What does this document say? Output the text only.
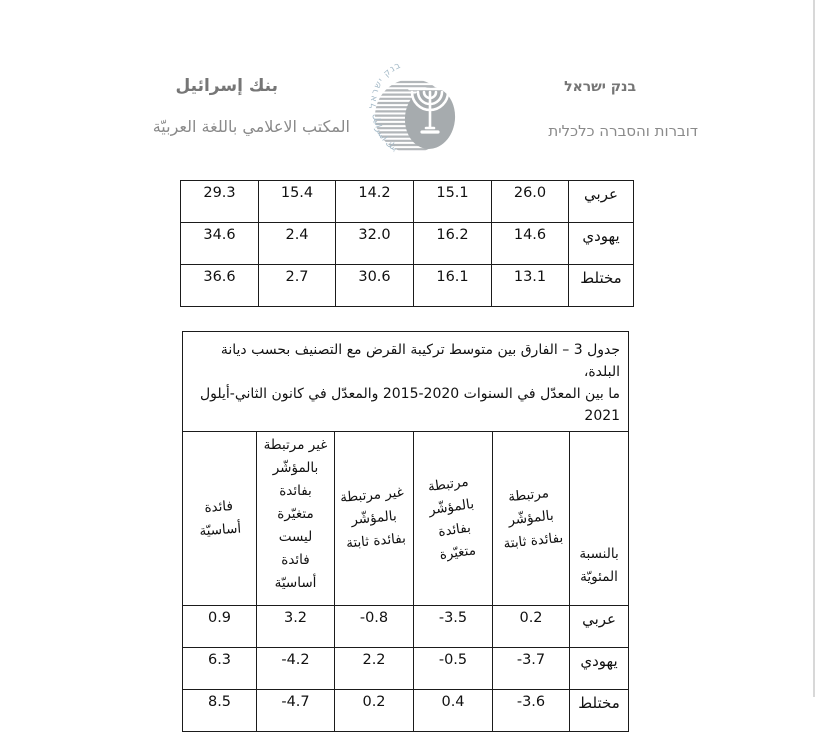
بنك إسرائيل
المكتب الاعلامي باللغة العربيّة
בנק ישראל
بنك اسرائيل
בנק ישראל
דוברות והסברה כלכלית
29.3	15.4	14.2	15.1	26.0	عربي
34.6	2.4	32.0	16.2	14.6	يهودي
36.6	2.7	30.6	16.1	13.1	مختلط
جدول 3 – الفارق بين متوسط تركيبة القرض مع التصنيف بحسب ديانة البلدة،
ما بين المعدّل في السنوات 2020-2015 والمعدّل في كانون الثاني-أيلول 2021					

فائدة
أساسيّة

غير مرتبطة
بالمؤشّر
بفائدة
متغيّرة
ليست
فائدة
أساسيّة

غير مرتبطة
بالمؤشّر
بفائدة ثابتة

مرتبطة
بالمؤشّر
بفائدة
متغيّرة

مرتبطة
بالمؤشّر
بفائدة ثابتة

بالنسبة
المئويّة

0.9	3.2	-0.8	-3.5	0.2	عربي
6.3	-4.2	2.2	-0.5	-3.7	يهودي
8.5	-4.7	0.2	0.4	-3.6	مختلط
